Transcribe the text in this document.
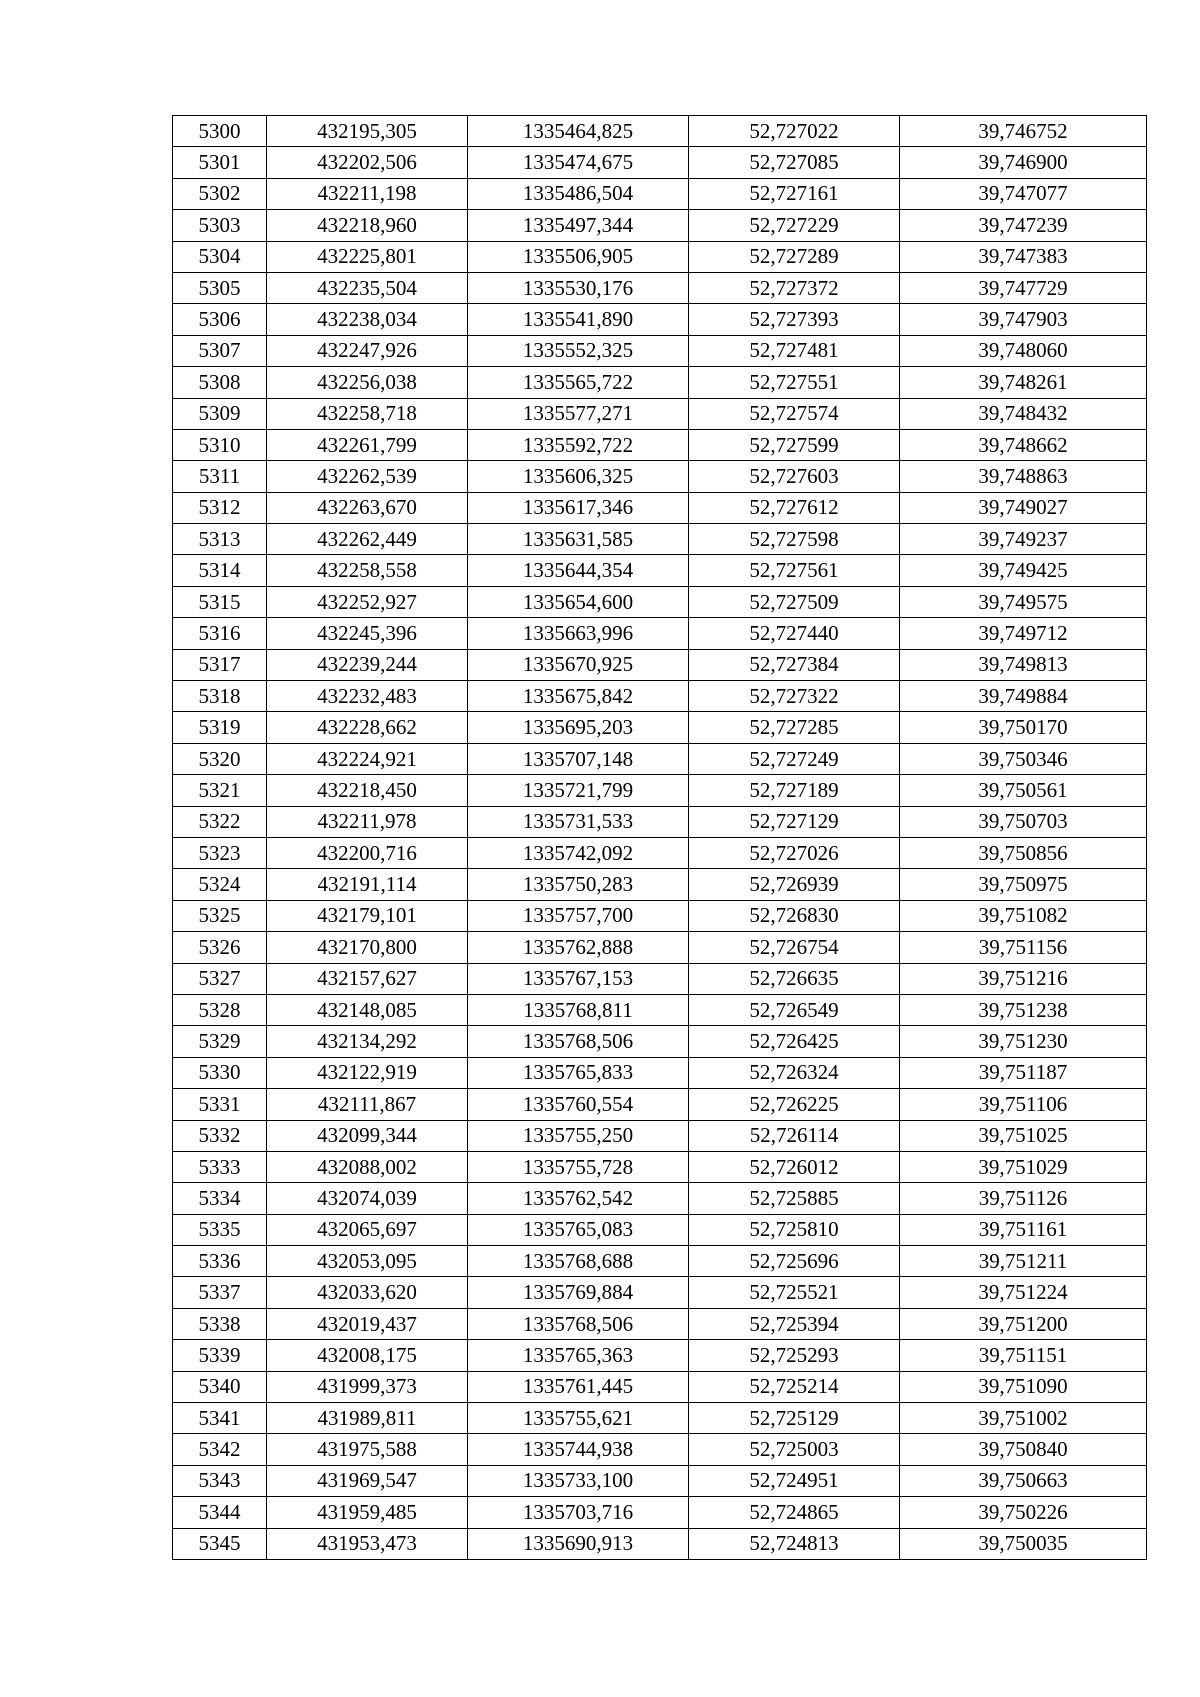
5300	432195,305	1335464,825	52,727022	39,746752
5301	432202,506	1335474,675	52,727085	39,746900
5302	432211,198	1335486,504	52,727161	39,747077
5303	432218,960	1335497,344	52,727229	39,747239
5304	432225,801	1335506,905	52,727289	39,747383
5305	432235,504	1335530,176	52,727372	39,747729
5306	432238,034	1335541,890	52,727393	39,747903
5307	432247,926	1335552,325	52,727481	39,748060
5308	432256,038	1335565,722	52,727551	39,748261
5309	432258,718	1335577,271	52,727574	39,748432
5310	432261,799	1335592,722	52,727599	39,748662
5311	432262,539	1335606,325	52,727603	39,748863
5312	432263,670	1335617,346	52,727612	39,749027
5313	432262,449	1335631,585	52,727598	39,749237
5314	432258,558	1335644,354	52,727561	39,749425
5315	432252,927	1335654,600	52,727509	39,749575
5316	432245,396	1335663,996	52,727440	39,749712
5317	432239,244	1335670,925	52,727384	39,749813
5318	432232,483	1335675,842	52,727322	39,749884
5319	432228,662	1335695,203	52,727285	39,750170
5320	432224,921	1335707,148	52,727249	39,750346
5321	432218,450	1335721,799	52,727189	39,750561
5322	432211,978	1335731,533	52,727129	39,750703
5323	432200,716	1335742,092	52,727026	39,750856
5324	432191,114	1335750,283	52,726939	39,750975
5325	432179,101	1335757,700	52,726830	39,751082
5326	432170,800	1335762,888	52,726754	39,751156
5327	432157,627	1335767,153	52,726635	39,751216
5328	432148,085	1335768,811	52,726549	39,751238
5329	432134,292	1335768,506	52,726425	39,751230
5330	432122,919	1335765,833	52,726324	39,751187
5331	432111,867	1335760,554	52,726225	39,751106
5332	432099,344	1335755,250	52,726114	39,751025
5333	432088,002	1335755,728	52,726012	39,751029
5334	432074,039	1335762,542	52,725885	39,751126
5335	432065,697	1335765,083	52,725810	39,751161
5336	432053,095	1335768,688	52,725696	39,751211
5337	432033,620	1335769,884	52,725521	39,751224
5338	432019,437	1335768,506	52,725394	39,751200
5339	432008,175	1335765,363	52,725293	39,751151
5340	431999,373	1335761,445	52,725214	39,751090
5341	431989,811	1335755,621	52,725129	39,751002
5342	431975,588	1335744,938	52,725003	39,750840
5343	431969,547	1335733,100	52,724951	39,750663
5344	431959,485	1335703,716	52,724865	39,750226
5345	431953,473	1335690,913	52,724813	39,750035
